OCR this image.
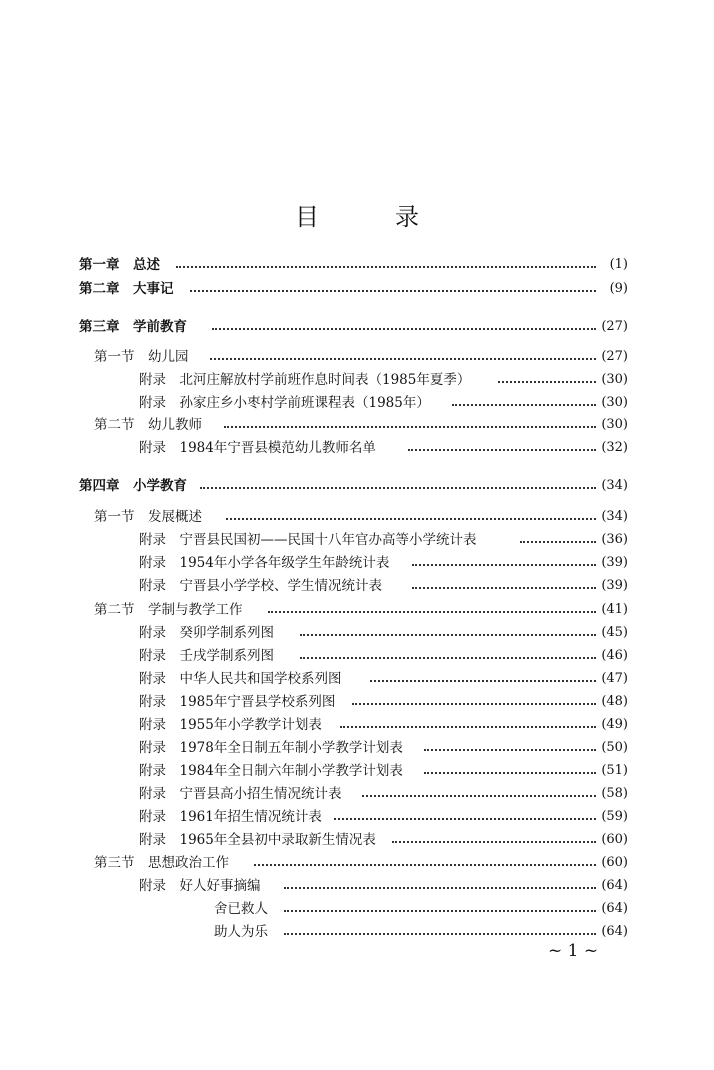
目　录
第一章　总述	(1)
第二章　大事记	(9)
第三章　学前教育	(27)
第一节　幼儿园	(27)
附录　北河庄解放村学前班作息时间表（1985年夏季）	(30)
附录　孙家庄乡小枣村学前班课程表（1985年）	(30)
第二节　幼儿教师	(30)
附录　1984年宁晋县模范幼儿教师名单	(32)
第四章　小学教育	(34)
第一节　发展概述	(34)
附录　宁晋县民国初——民国十八年官办高等小学统计表	(36)
附录　1954年小学各年级学生年龄统计表	(39)
附录　宁晋县小学学校、学生情况统计表	(39)
第二节　学制与教学工作	(41)
附录　癸卯学制系列图	(45)
附录　壬戌学制系列图	(46)
附录　中华人民共和国学校系列图	(47)
附录　1985年宁晋县学校系列图	(48)
附录　1955年小学教学计划表	(49)
附录　1978年全日制五年制小学教学计划表	(50)
附录　1984年全日制六年制小学教学计划表	(51)
附录　宁晋县高小招生情况统计表	(58)
附录　1961年招生情况统计表	(59)
附录　1965年全县初中录取新生情况表	(60)
第三节　思想政治工作	(60)
附录　好人好事摘编	(64)
舍已救人	(64)
助人为乐	(64)
~ 1 ~
